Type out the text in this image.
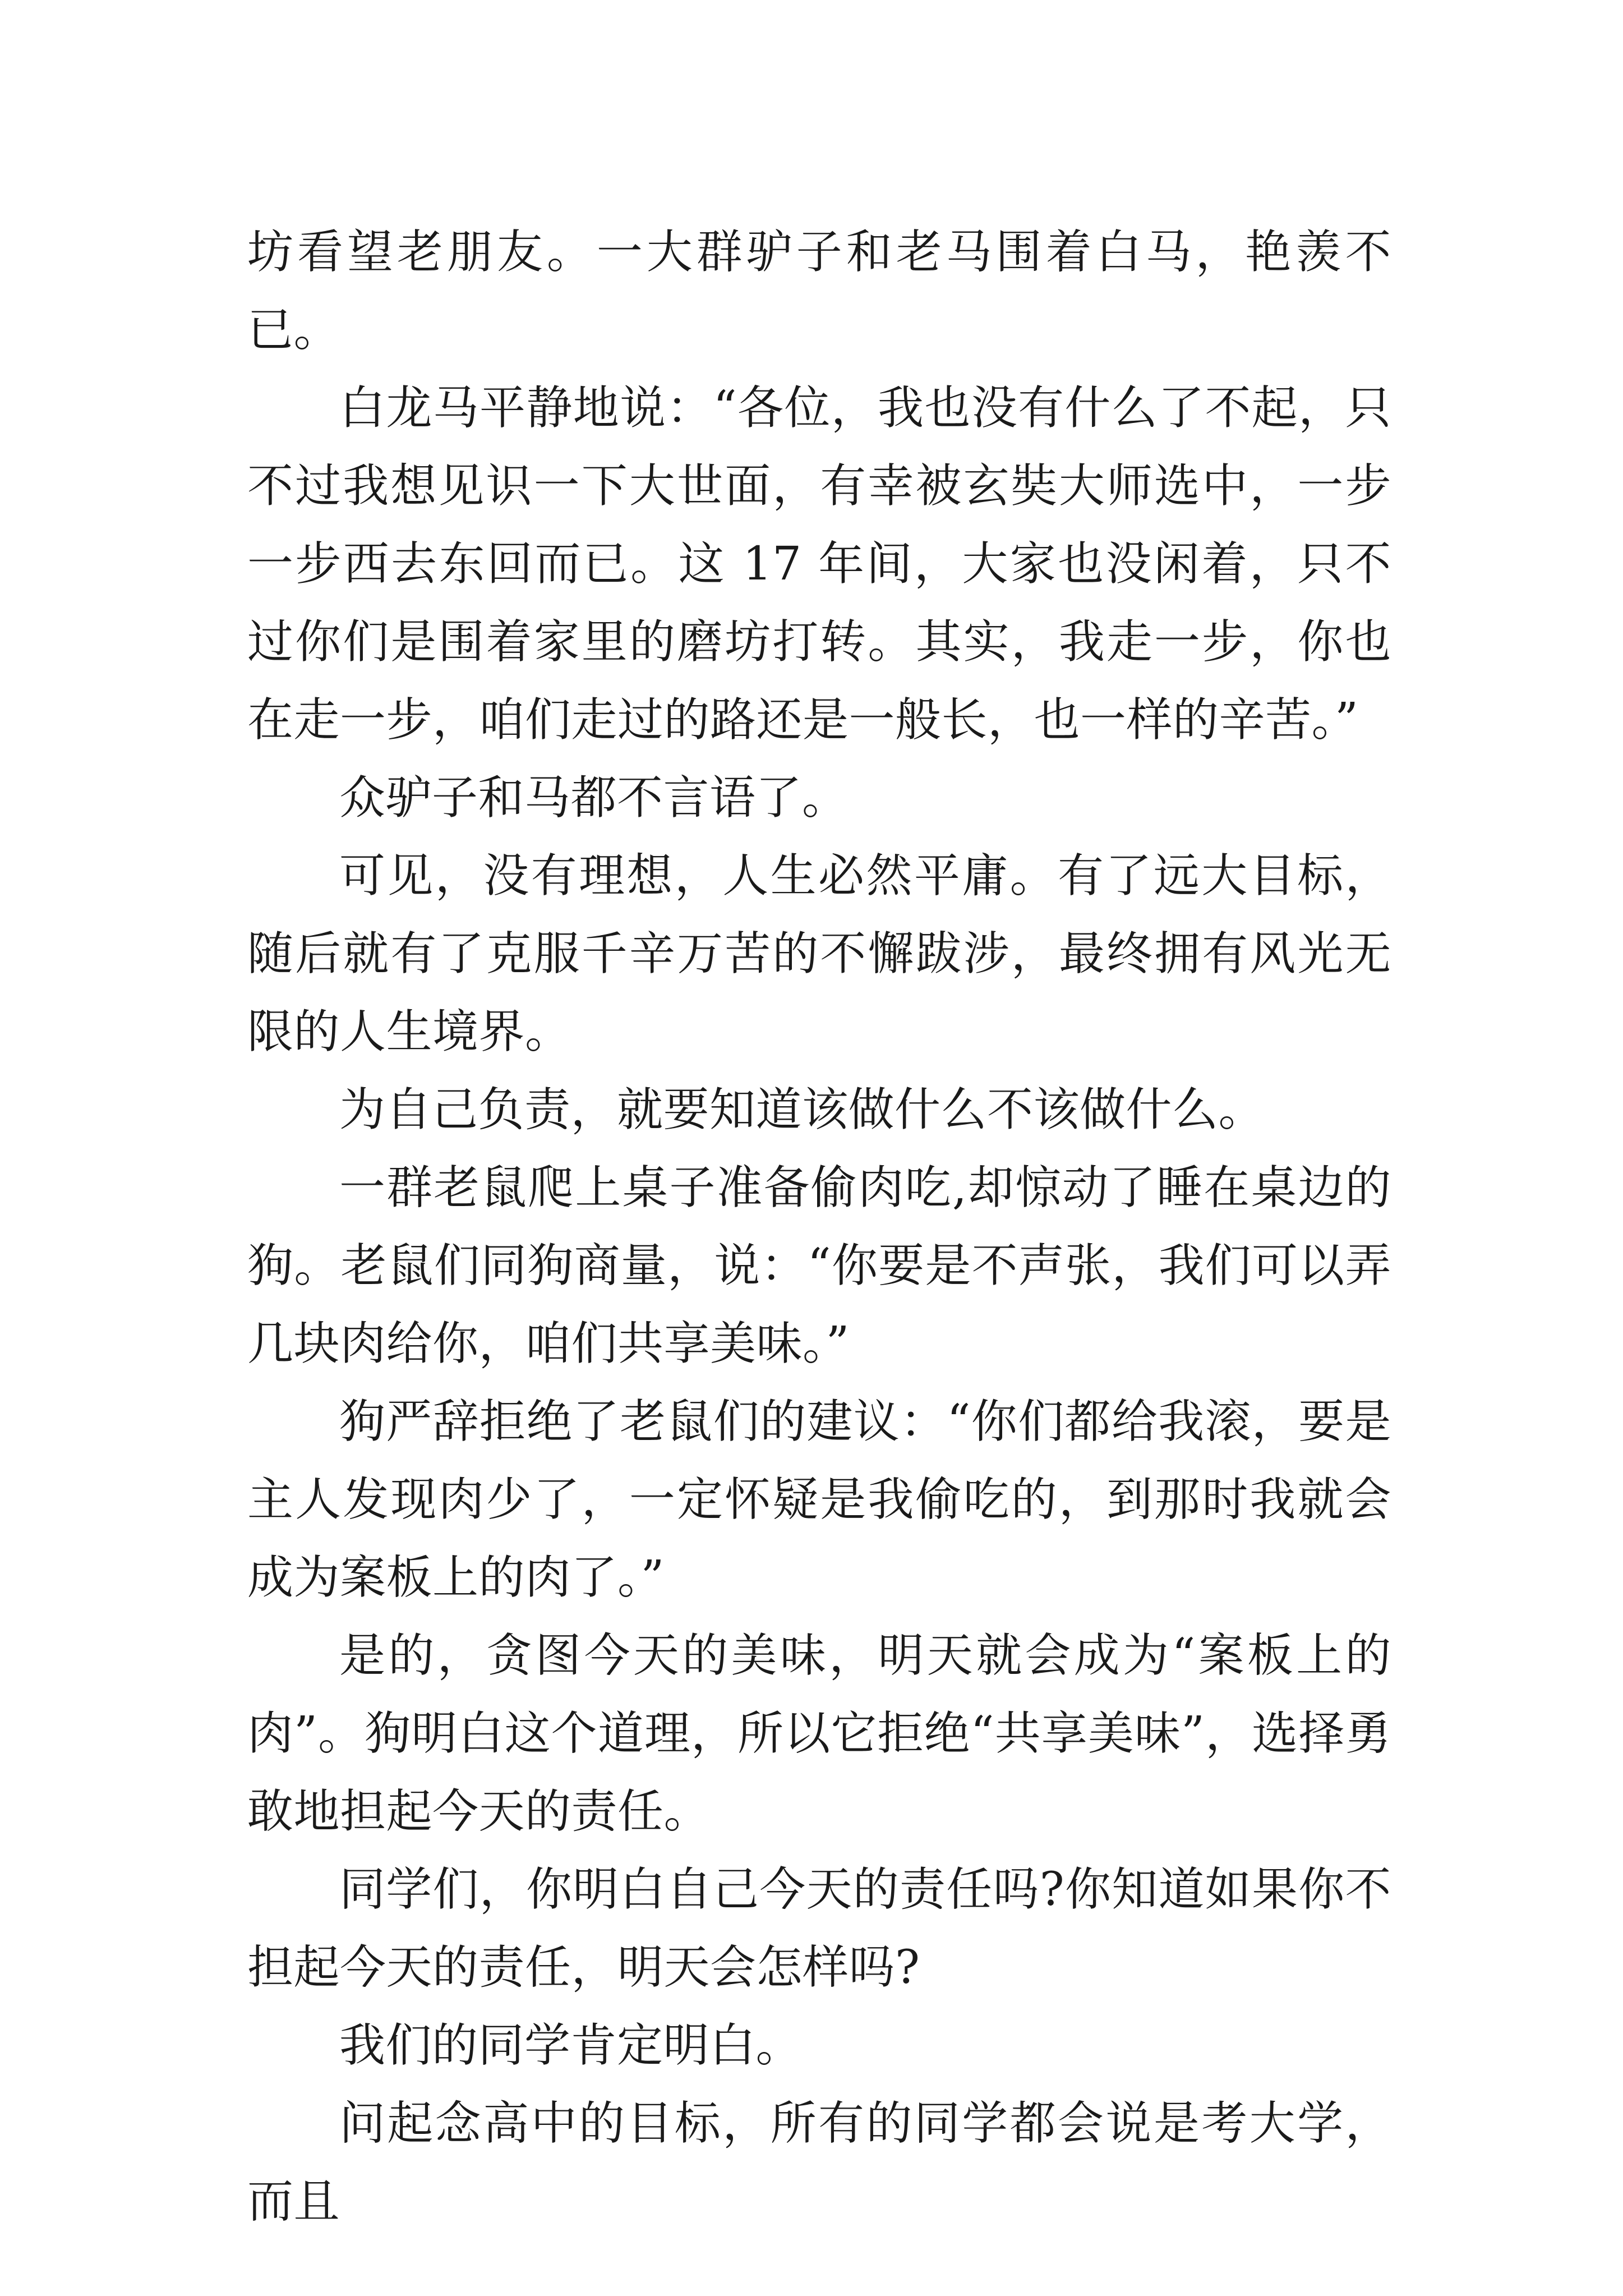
坊看望老朋友。一大群驴子和老马围着白马，艳羡不已。

白龙马平静地说：“各位，我也没有什么了不起，只不过我想见识一下大世面，有幸被玄奘大师选中，一步一步西去东回而已。这 17 年间，大家也没闲着，只不过你们是围着家里的磨坊打转。其实，我走一步，你也在走一步，咱们走过的路还是一般长，也一样的辛苦。”

众驴子和马都不言语了。

可见，没有理想，人生必然平庸。有了远大目标，随后就有了克服千辛万苦的不懈跋涉，最终拥有风光无限的人生境界。

为自己负责，就要知道该做什么不该做什么。

一群老鼠爬上桌子准备偷肉吃,却惊动了睡在桌边的狗。老鼠们同狗商量，说：“你要是不声张，我们可以弄几块肉给你，咱们共享美味。”

狗严辞拒绝了老鼠们的建议：“你们都给我滚，要是主人发现肉少了，一定怀疑是我偷吃的，到那时我就会成为案板上的肉了。”

是的，贪图今天的美味，明天就会成为“案板上的肉”。狗明白这个道理，所以它拒绝“共享美味”，选择勇敢地担起今天的责任。

同学们，你明白自己今天的责任吗?你知道如果你不担起今天的责任，明天会怎样吗?

我们的同学肯定明白。

问起念高中的目标，所有的同学都会说是考大学，而且
